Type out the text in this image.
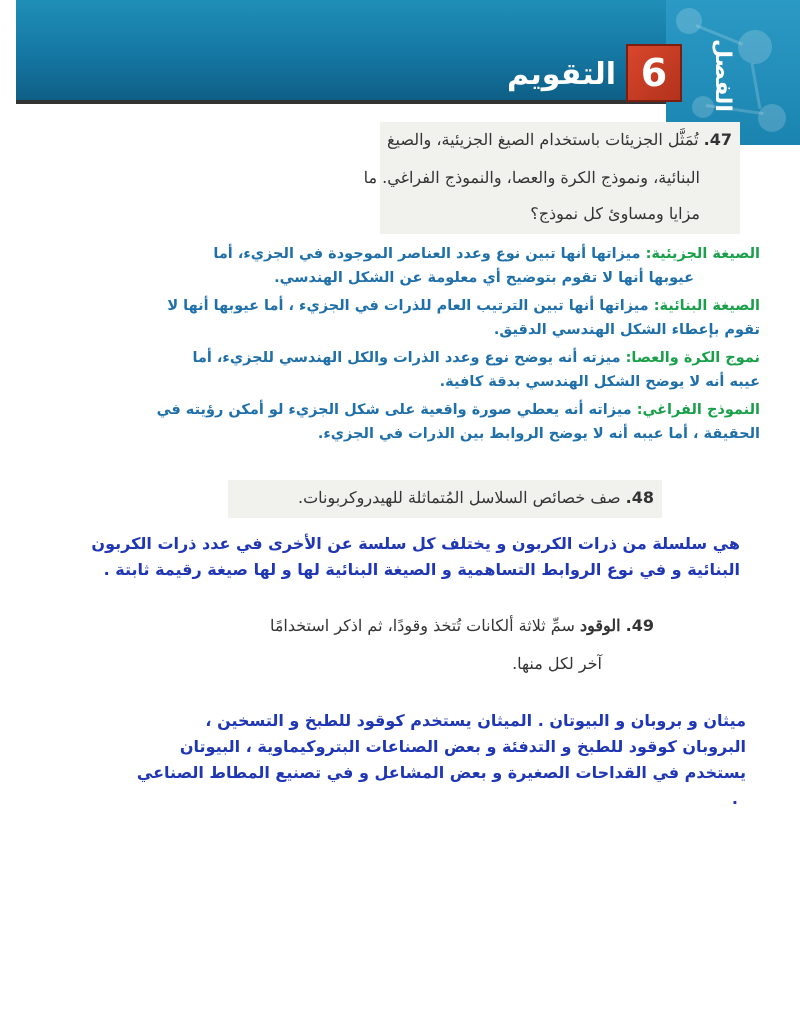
الفصل
6
التقويم
47. تُمَثَّل الجزيئات باستخدام الصيغ الجزيئية، والصيغ
البنائية، ونموذج الكرة والعصا، والنموذج الفراغي. ما
مزايا ومساوئ كل نموذج؟
الصيغة الجزيئية: ميزاتها أنها تبين نوع وعدد العناصر الموجودة في الجزيء، أما
عيوبها أنها لا تقوم بتوضيح أي معلومة عن الشكل الهندسي.
الصيغة البنائية: ميزاتها أنها تبين الترتيب العام للذرات في الجزيء ، أما عيوبها أنها لا
تقوم بإعطاء الشكل الهندسي الدقيق.
نموج الكرة والعصا: ميزته أنه يوضح نوع وعدد الذرات والكل الهندسي للجزيء، أما
عيبه أنه لا يوضح الشكل الهندسي بدقة كافية.
النموذج الفراغي: ميزاته أنه يعطي صورة واقعية على شكل الجزيء لو أمكن رؤيته في
الحقيقة ، أما عيبه أنه لا يوضح الروابط بين الذرات في الجزيء.
48. صف خصائص السلاسل المُتماثلة للهيدروكربونات.
هي سلسلة من ذرات الكربون و يختلف كل سلسة عن الأخرى في عدد ذرات الكربون
البنائية و في نوع الروابط التساهمية و الصيغة البنائية لها و لها صيغة رقيمة ثابتة .
49. الوقود سمِّ ثلاثة ألكانات تُتخذ وقودًا، ثم اذكر استخدامًا
آخر لكل منها.
ميثان و بروبان و البيوتان . الميثان يستخدم كوقود للطبخ و التسخين ،
البروبان كوقود للطبخ و التدفئة و بعض الصناعات البتروكيماوية ، البيوتان
يستخدم في القداحات الصغيرة و بعض المشاعل و في تصنيع المطاط الصناعي
.
